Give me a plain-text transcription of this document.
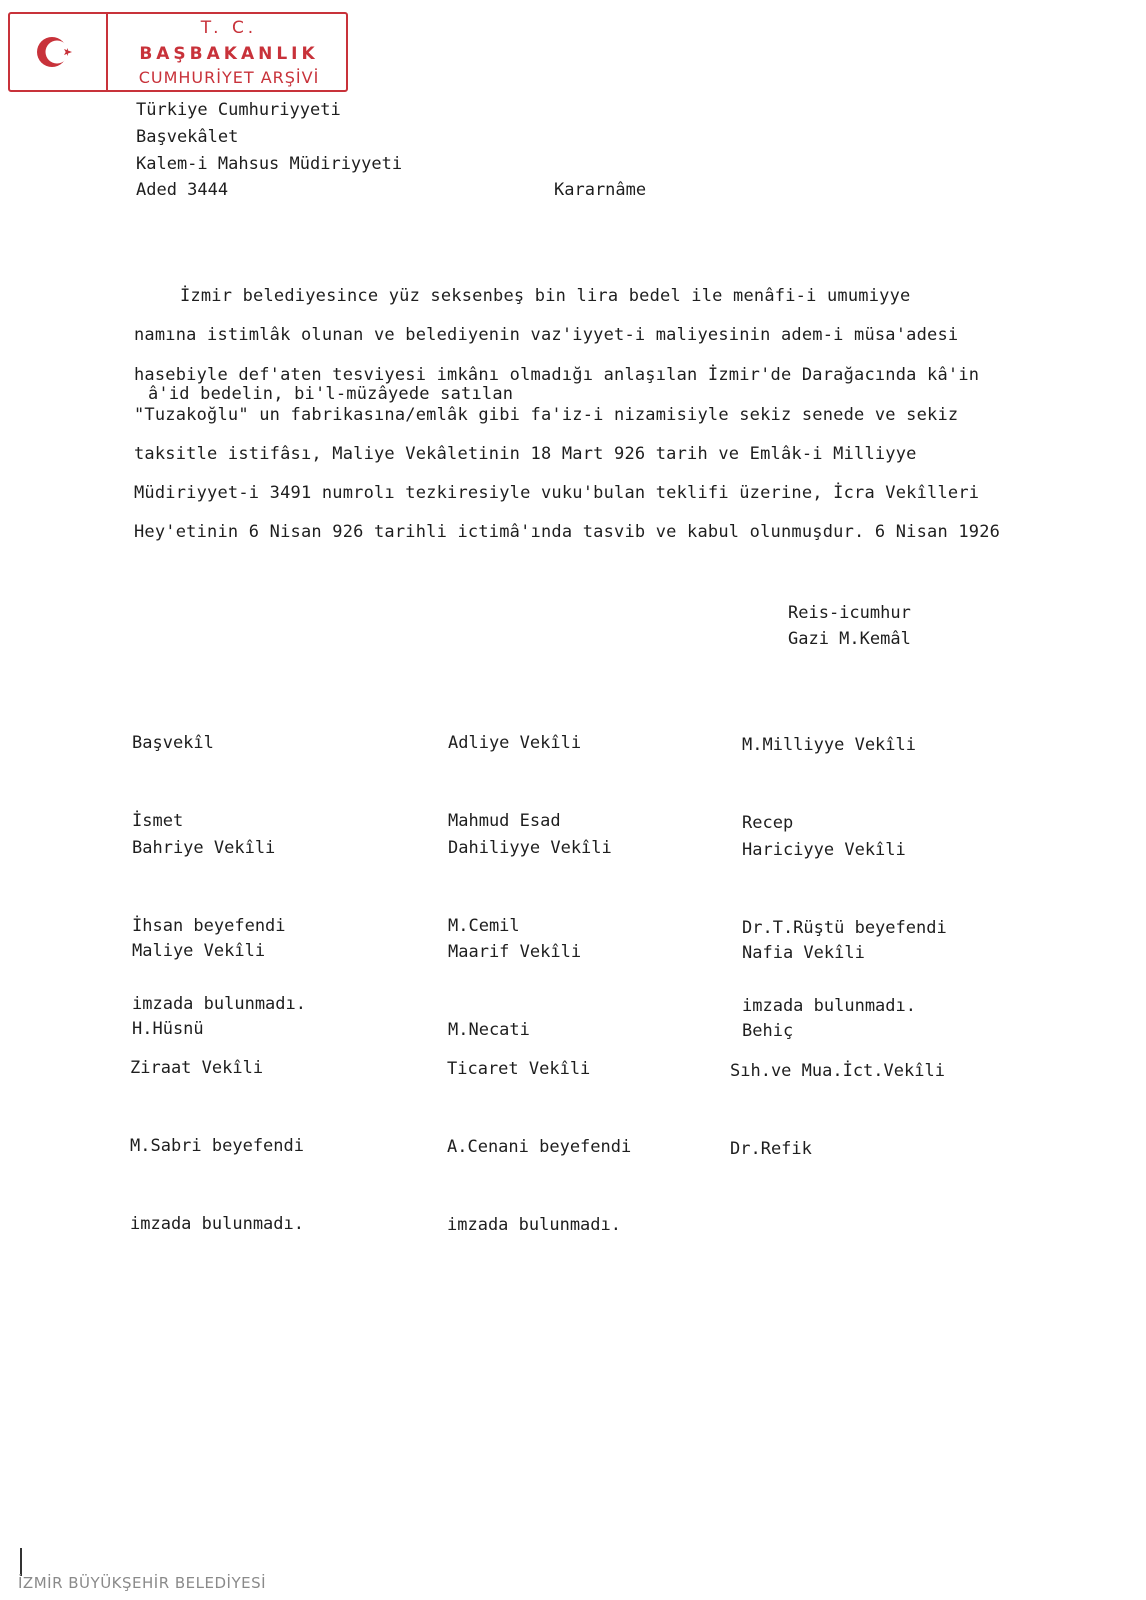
T. C.
BAŞBAKANLIK
CUMHURİYET ARŞİVİ
Türkiye Cumhuriyyeti
Başvekâlet
Kalem-i Mahsus Müdiriyyeti
Aded 3444	Kararnâme
İzmir belediyesince yüz seksenbeş bin lira bedel ile menâfi-i umumiyye
namına istimlâk olunan ve belediyenin vaz'iyyet-i maliyesinin adem-i müsa'adesi
hasebiyle def'aten tesviyesi imkânı olmadığı anlaşılan İzmir'de Darağacında kâ'in
â'id bedelin, bi'l-müzâyede satılan
"Tuzakoğlu" un fabrikasına/emlâk gibi fa'iz-i nizamisiyle sekiz senede ve sekiz
taksitle istifâsı, Maliye Vekâletinin 18 Mart 926 tarih ve Emlâk-i Milliyye
Müdiriyyet-i 3491 numrolı tezkiresiyle vuku'bulan teklifi üzerine, İcra Vekîlleri
Hey'etinin 6 Nisan 926 tarihli ictimâ'ında tasvib ve kabul olunmuşdur. 6 Nisan 1926
Reis-icumhur
Gazi M.Kemâl

Başvekîl

İsmet

Adliye Vekîli

Mahmud Esad

M.Milliyye Vekîli

Recep

Bahriye Vekîli

İhsan beyefendi

imzada bulunmadı.

Dahiliyye Vekîli

M.Cemil

Hariciyye Vekîli

Dr.T.Rüştü beyefendi

imzada bulunmadı.

Maliye Vekîli

H.Hüsnü

Maarif Vekîli

M.Necati

Nafia Vekîli

Behiç

Ziraat Vekîli

M.Sabri beyefendi

imzada bulunmadı.

Ticaret Vekîli

A.Cenani beyefendi

imzada bulunmadı.

Sıh.ve Mua.İct.Vekîli

Dr.Refik

İZMİR BÜYÜKŞEHİR BELEDİYESİ
